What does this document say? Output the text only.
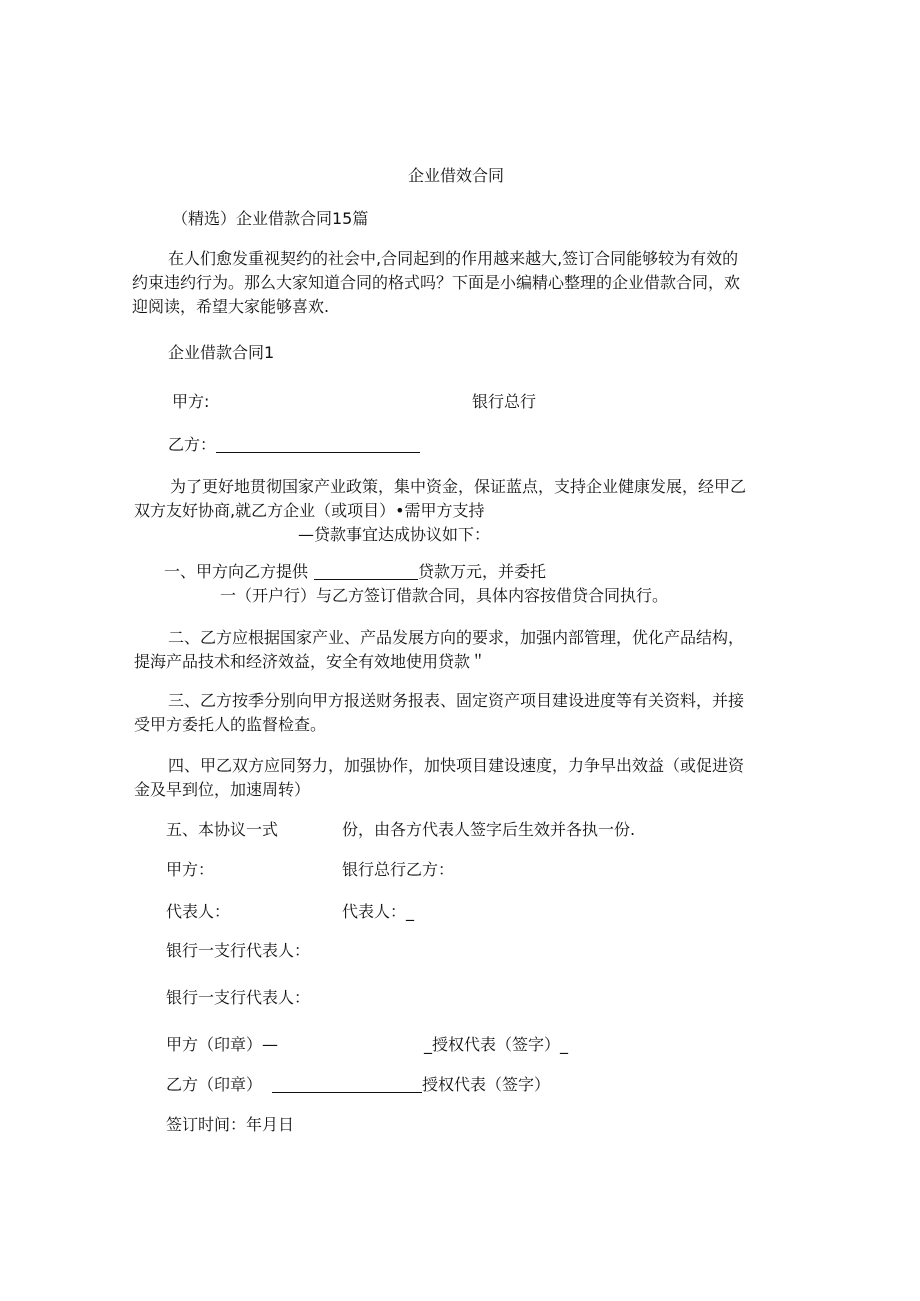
企业借效合同
（精选）企业借款合同15篇
在人们愈发重视契约的社会中,合同起到的作用越来越大,签订合同能够较为有效的
约束违约行为。那么大家知道合同的格式吗？下面是小编精心整理的企业借款合同，欢
迎阅读，希望大家能够喜欢.
企业借款合同1
甲方:	银行总行
乙方：
为了更好地贯彻国家产业政策，集中资金，保证蓝点，支持企业健康发展，经甲乙
双方友好协商,就乙方企业（或项目）•需甲方支持
—贷款事宜达成协议如下：
一、甲方向乙方提供	贷款万元，并委托
一（开户行）与乙方签订借款合同，具体内容按借贷合同执行。
二、乙方应根据国家产业、产品发展方向的要求，加强内部管理，优化产品结构，
提海产品技术和经济效益，安全有效地使用贷款＂
三、乙方按季分别向甲方报送财务报表、固定资产项目建设进度等有关资料，并接
受甲方委托人的监督检查。
四、甲乙双方应同努力，加强协作，加快项目建设速度，力争早出效益（或促进资
金及早到位，加速周转）
五、本协议一式	份，由各方代表人签字后生效并各执一份.
甲方：	银行总行乙方：
代表人：	代表人：_
银行一支行代表人：
银行一支行代表人：
甲方（印章）—	_授权代表（签字）_
乙方（印章）	授权代表（签字）
签订时间：年月日
